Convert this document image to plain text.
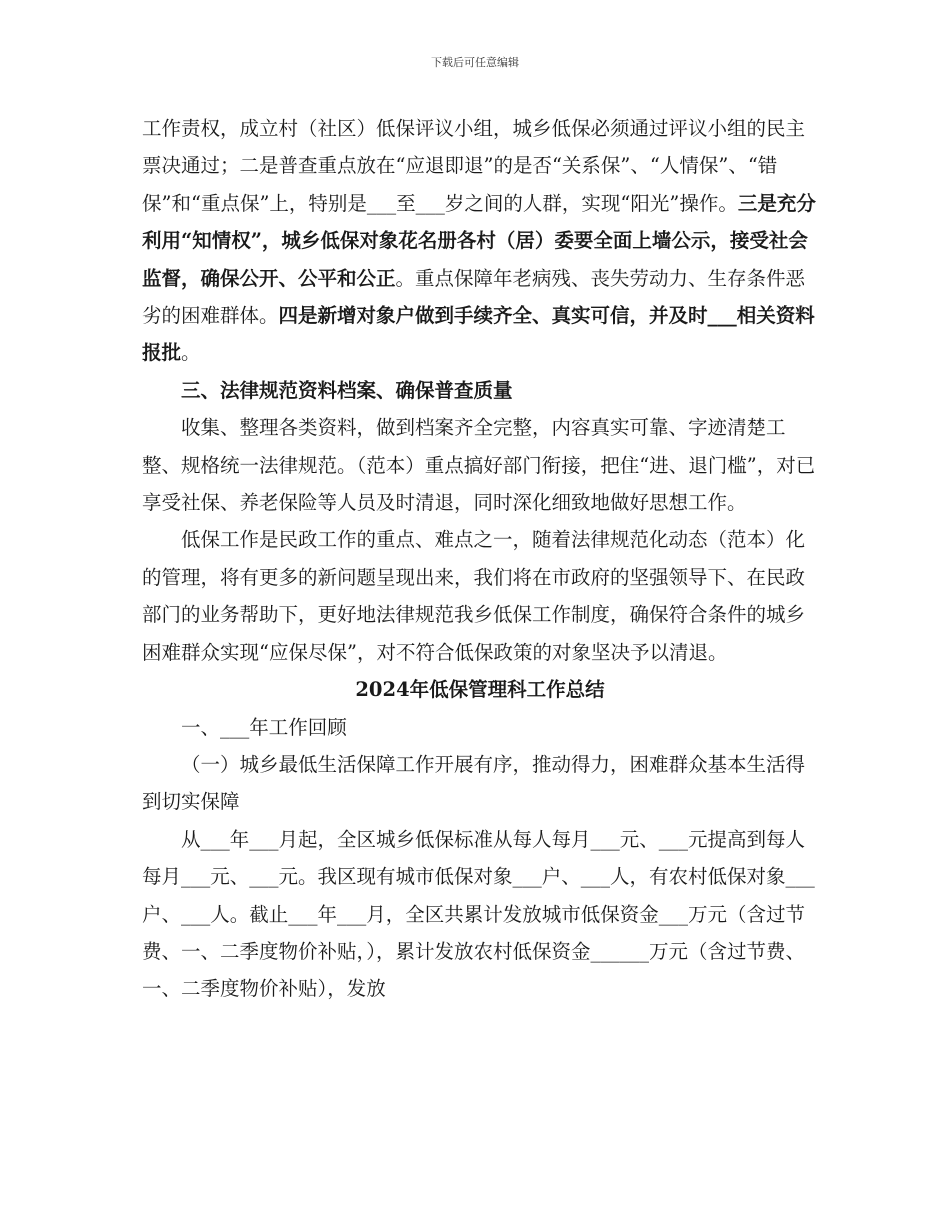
下载后可任意编辑

工作责权，成立村（社区）低保评议小组，城乡低保必须通过评议小组的民主票决通过；二是普查重点放在“应退即退”的是否“关系保”、“人情保”、“错保”和“重点保”上，特别是___至___岁之间的人群，实现“阳光”操作。三是充分利用“知情权”，城乡低保对象花名册各村（居）委要全面上墙公示，接受社会监督，确保公开、公平和公正。重点保障年老病残、丧失劳动力、生存条件恶劣的困难群体。四是新增对象户做到手续齐全、真实可信，并及时___相关资料报批。

三、法律规范资料档案、确保普查质量

收集、整理各类资料，做到档案齐全完整，内容真实可靠、字迹清楚工整、规格统一法律规范。（范本）重点搞好部门衔接，把住“进、退门槛”，对已享受社保、养老保险等人员及时清退，同时深化细致地做好思想工作。

低保工作是民政工作的重点、难点之一，随着法律规范化动态（范本）化的管理，将有更多的新问题呈现出来，我们将在市政府的坚强领导下、在民政部门的业务帮助下，更好地法律规范我乡低保工作制度，确保符合条件的城乡困难群众实现“应保尽保”，对不符合低保政策的对象坚决予以清退。

2024年低保管理科工作总结

一、___年工作回顾

（一）城乡最低生活保障工作开展有序，推动得力，困难群众基本生活得到切实保障

从___年___月起，全区城乡低保标准从每人每月___元、___元提高到每人每月___元、___元。我区现有城市低保对象___户、___人，有农村低保对象___户、___人。截止___年___月，全区共累计发放城市低保资金___万元（含过节费、一、二季度物价补贴，），累计发放农村低保资金______万元（含过节费、一、二季度物价补贴），发放
